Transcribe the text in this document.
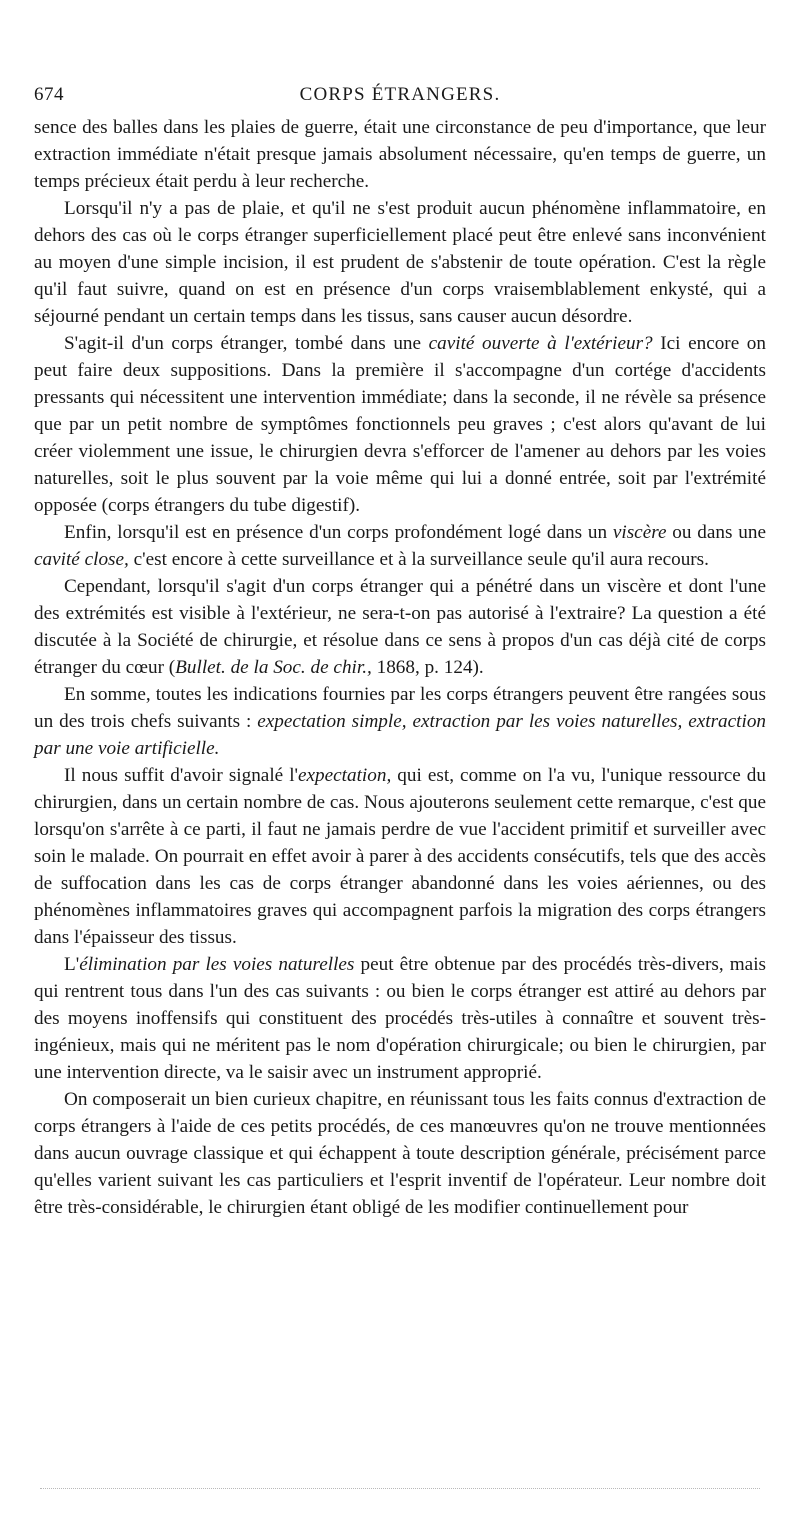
674	CORPS ÉTRANGERS.

sence des balles dans les plaies de guerre, était une circonstance de peu d'importance, que leur extraction immédiate n'était presque jamais absolument nécessaire, qu'en temps de guerre, un temps précieux était perdu à leur recherche.

Lorsqu'il n'y a pas de plaie, et qu'il ne s'est produit aucun phénomène inflammatoire, en dehors des cas où le corps étranger superficiellement placé peut être enlevé sans inconvénient au moyen d'une simple incision, il est prudent de s'abstenir de toute opération. C'est la règle qu'il faut suivre, quand on est en présence d'un corps vraisemblablement enkysté, qui a séjourné pendant un certain temps dans les tissus, sans causer aucun désordre.

S'agit-il d'un corps étranger, tombé dans une cavité ouverte à l'extérieur? Ici encore on peut faire deux suppositions. Dans la première il s'accompagne d'un cortége d'accidents pressants qui nécessitent une intervention immédiate; dans la seconde, il ne révèle sa présence que par un petit nombre de symptômes fonctionnels peu graves ; c'est alors qu'avant de lui créer violemment une issue, le chirurgien devra s'efforcer de l'amener au dehors par les voies naturelles, soit le plus souvent par la voie même qui lui a donné entrée, soit par l'extrémité opposée (corps étrangers du tube digestif).

Enfin, lorsqu'il est en présence d'un corps profondément logé dans un viscère ou dans une cavité close, c'est encore à cette surveillance et à la surveillance seule qu'il aura recours.

Cependant, lorsqu'il s'agit d'un corps étranger qui a pénétré dans un viscère et dont l'une des extrémités est visible à l'extérieur, ne sera-t-on pas autorisé à l'extraire? La question a été discutée à la Société de chirurgie, et résolue dans ce sens à propos d'un cas déjà cité de corps étranger du cœur (Bullet. de la Soc. de chir., 1868, p. 124).

En somme, toutes les indications fournies par les corps étrangers peuvent être rangées sous un des trois chefs suivants : expectation simple, extraction par les voies naturelles, extraction par une voie artificielle.

Il nous suffit d'avoir signalé l'expectation, qui est, comme on l'a vu, l'unique ressource du chirurgien, dans un certain nombre de cas. Nous ajouterons seulement cette remarque, c'est que lorsqu'on s'arrête à ce parti, il faut ne jamais perdre de vue l'accident primitif et surveiller avec soin le malade. On pourrait en effet avoir à parer à des accidents consécutifs, tels que des accès de suffocation dans les cas de corps étranger abandonné dans les voies aériennes, ou des phénomènes inflammatoires graves qui accompagnent parfois la migration des corps étrangers dans l'épaisseur des tissus.

L'élimination par les voies naturelles peut être obtenue par des procédés très-divers, mais qui rentrent tous dans l'un des cas suivants : ou bien le corps étranger est attiré au dehors par des moyens inoffensifs qui constituent des procédés très-utiles à connaître et souvent très-ingénieux, mais qui ne méritent pas le nom d'opération chirurgicale; ou bien le chirurgien, par une intervention directe, va le saisir avec un instrument approprié.

On composerait un bien curieux chapitre, en réunissant tous les faits connus d'extraction de corps étrangers à l'aide de ces petits procédés, de ces manœuvres qu'on ne trouve mentionnées dans aucun ouvrage classique et qui échappent à toute description générale, précisément parce qu'elles varient suivant les cas particuliers et l'esprit inventif de l'opérateur. Leur nombre doit être très-considérable, le chirurgien étant obligé de les modifier continuellement pour
